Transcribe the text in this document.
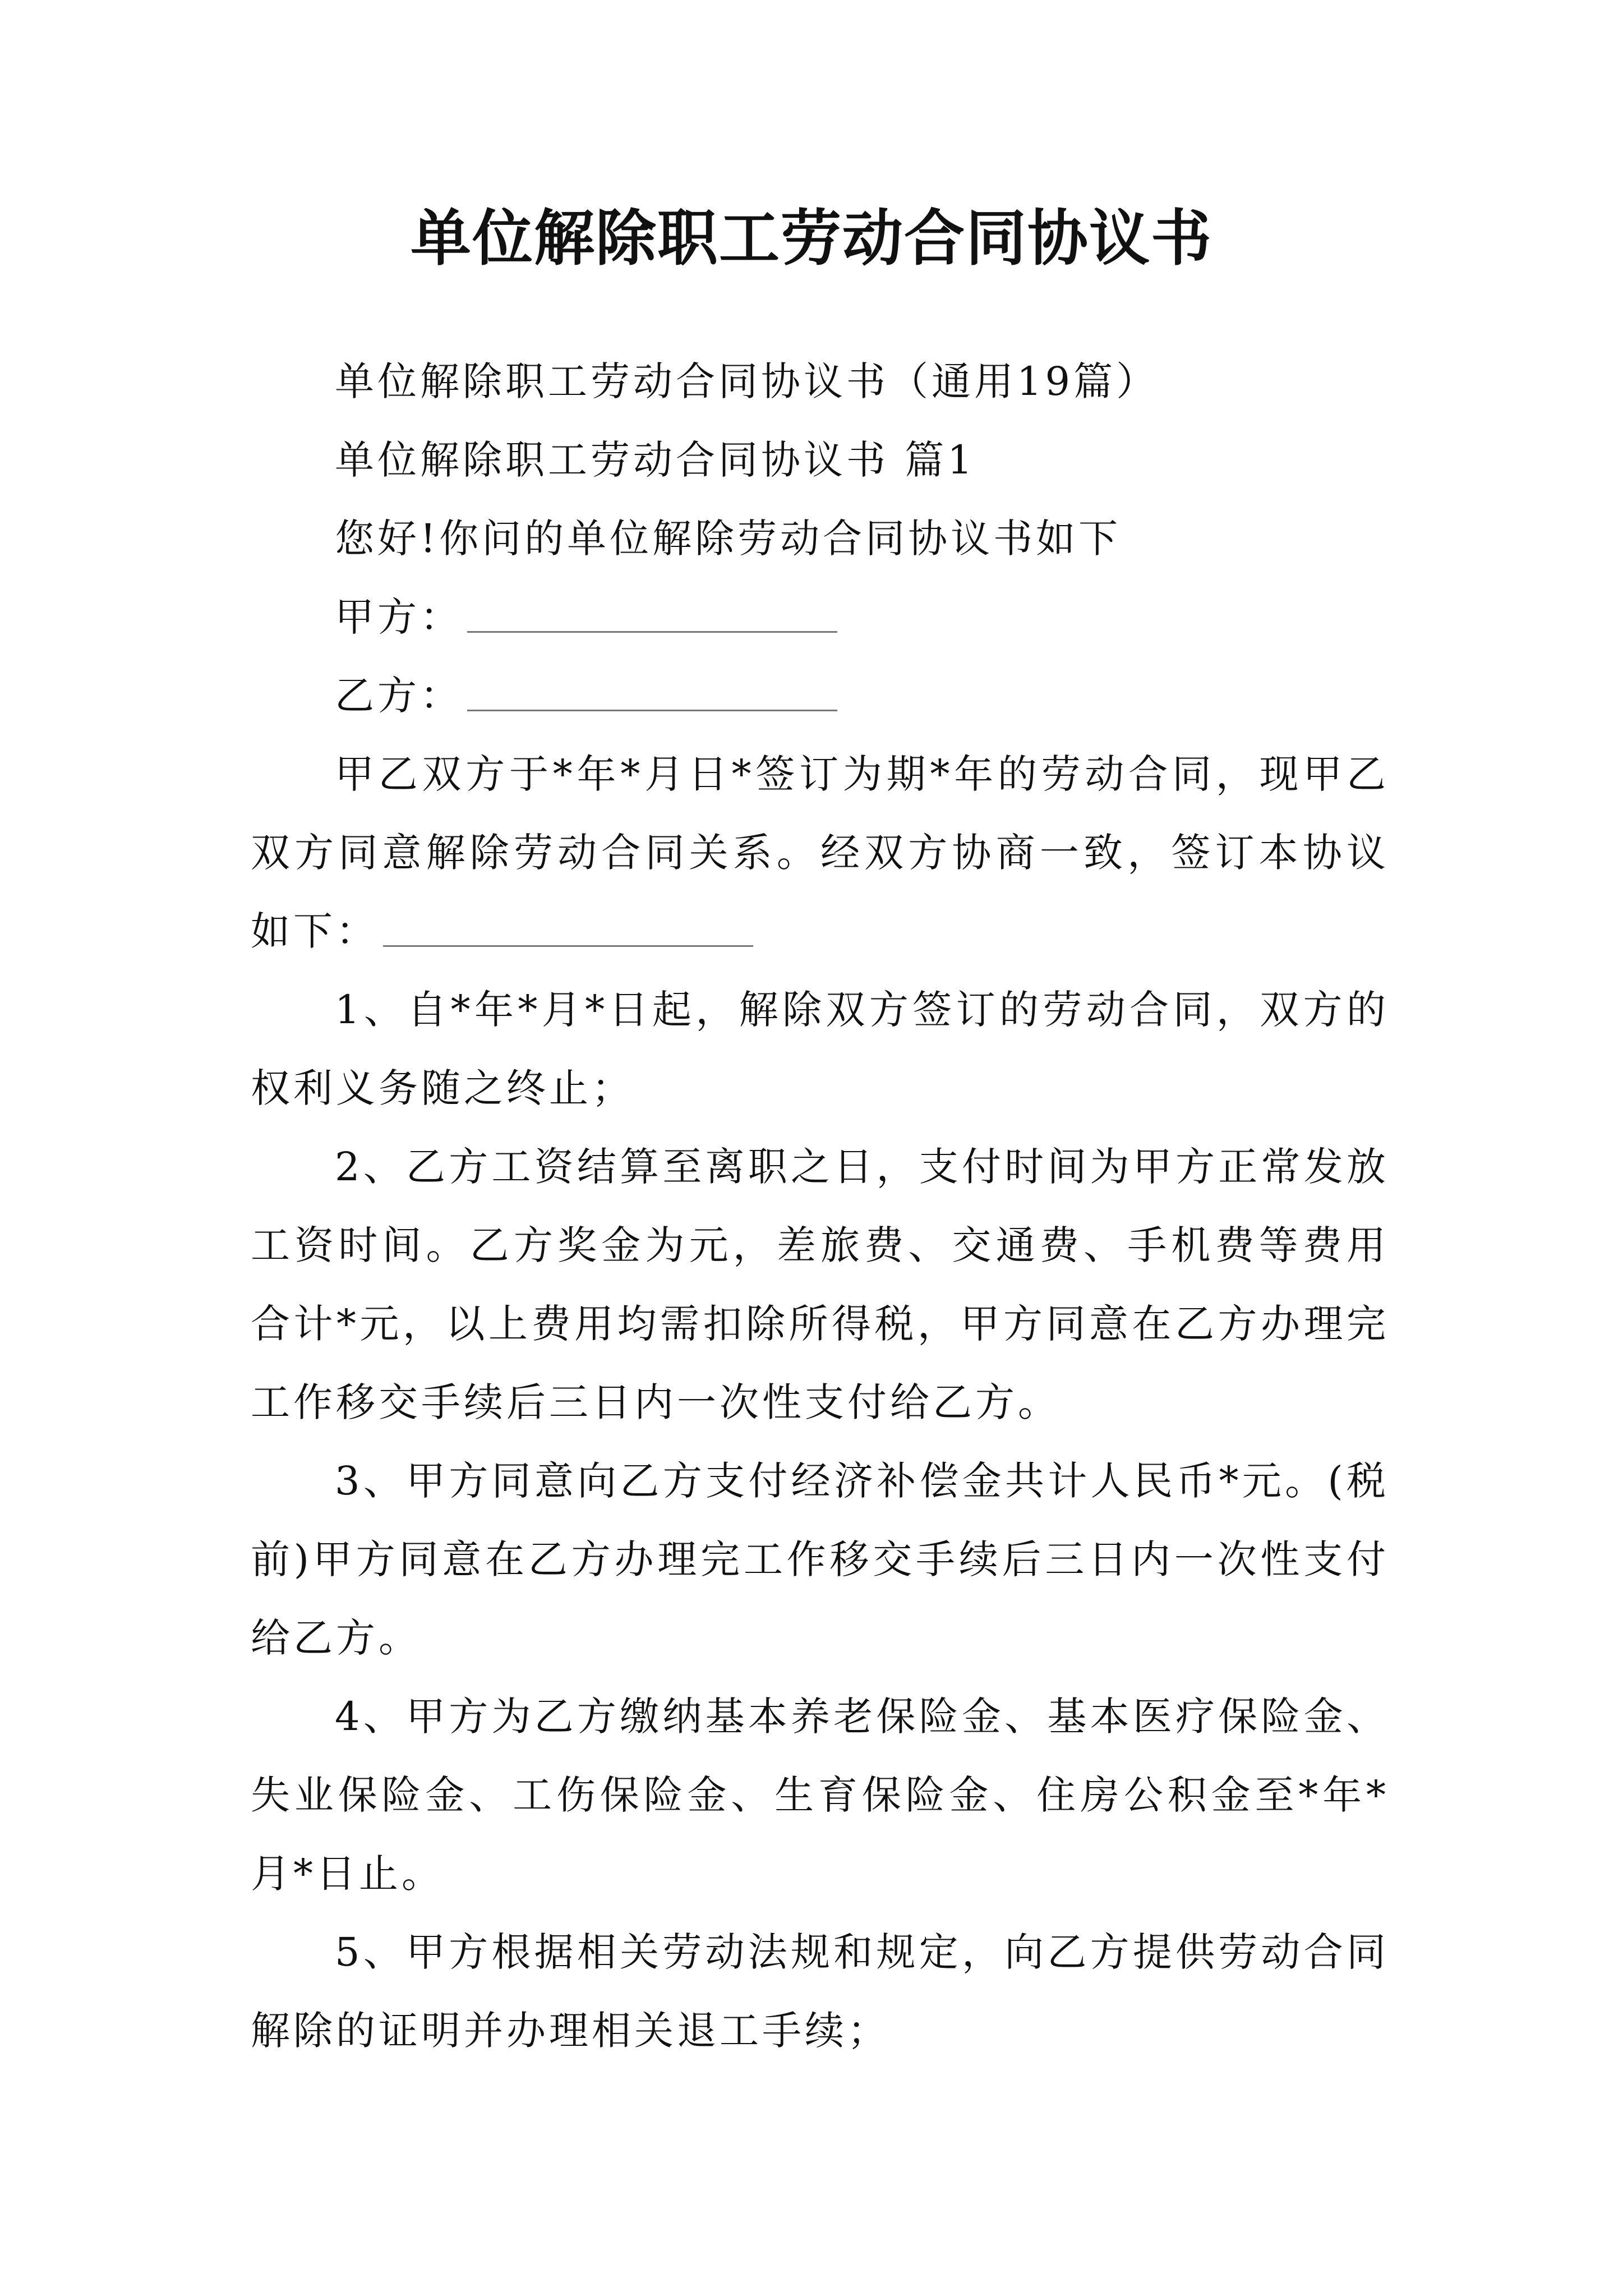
单位解除职工劳动合同协议书

单位解除职工劳动合同协议书（通用19篇）

单位解除职工劳动合同协议书 篇1

您好!你问的单位解除劳动合同协议书如下

甲方：

乙方：

甲乙双方于*年*月日*签订为期*年的劳动合同，现甲乙双方同意解除劳动合同关系。经双方协商一致，签订本协议如下：

1、自*年*月*日起，解除双方签订的劳动合同，双方的权利义务随之终止；

2、乙方工资结算至离职之日，支付时间为甲方正常发放工资时间。乙方奖金为元，差旅费、交通费、手机费等费用合计*元，以上费用均需扣除所得税，甲方同意在乙方办理完工作移交手续后三日内一次性支付给乙方。

3、甲方同意向乙方支付经济补偿金共计人民币*元。(税前)甲方同意在乙方办理完工作移交手续后三日内一次性支付给乙方。

4、甲方为乙方缴纳基本养老保险金、基本医疗保险金、失业保险金、工伤保险金、生育保险金、住房公积金至*年*月*日止。

5、甲方根据相关劳动法规和规定，向乙方提供劳动合同解除的证明并办理相关退工手续；
